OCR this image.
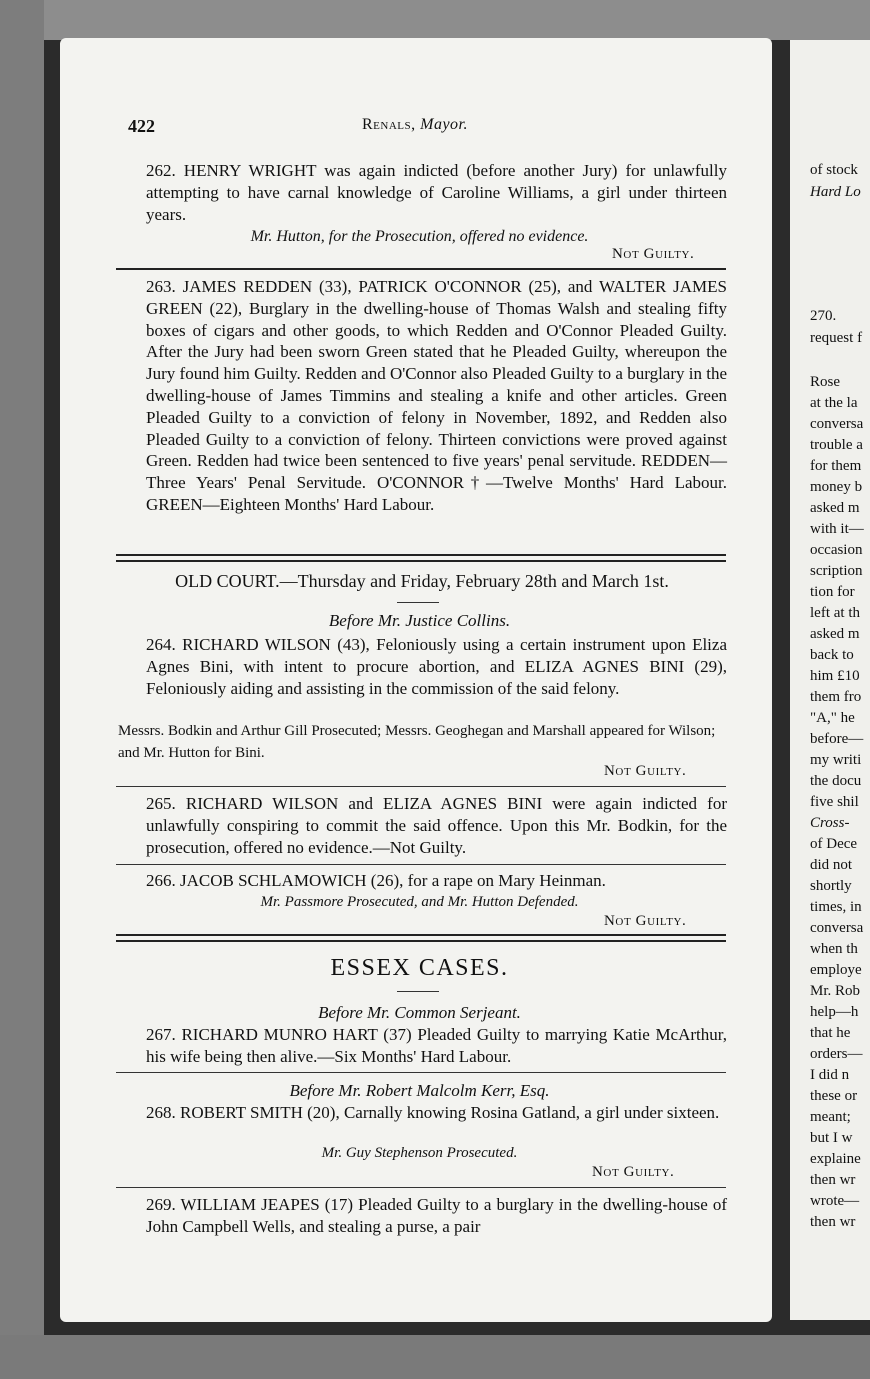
422	Renals, Mayor.
262. HENRY WRIGHT was again indicted (before another Jury) for unlawfully attempting to have carnal knowledge of Caroline Williams, a girl under thirteen years.
Mr. Hutton, for the Prosecution, offered no evidence.
Not Guilty.
263. JAMES REDDEN (33), PATRICK O'CONNOR (25), and WALTER JAMES GREEN (22), Burglary in the dwelling-house of Thomas Walsh and stealing fifty boxes of cigars and other goods, to which Redden and O'Connor Pleaded Guilty. After the Jury had been sworn Green stated that he Pleaded Guilty, whereupon the Jury found him Guilty. Redden and O'Connor also Pleaded Guilty to a burglary in the dwelling-house of James Timmins and stealing a knife and other articles. Green Pleaded Guilty to a conviction of felony in November, 1892, and Redden also Pleaded Guilty to a conviction of felony. Thirteen convictions were proved against Green. Redden had twice been sentenced to five years' penal servitude. REDDEN—Three Years' Penal Servitude. O'CONNOR†—Twelve Months' Hard Labour. GREEN—Eighteen Months' Hard Labour.
OLD COURT.—Thursday and Friday, February 28th and March 1st.
Before Mr. Justice Collins.
264. RICHARD WILSON (43), Feloniously using a certain instrument upon Eliza Agnes Bini, with intent to procure abortion, and ELIZA AGNES BINI (29), Feloniously aiding and assisting in the commission of the said felony.
Messrs. Bodkin and Arthur Gill Prosecuted; Messrs. Geoghegan and Marshall appeared for Wilson; and Mr. Hutton for Bini.
Not Guilty.
265. RICHARD WILSON and ELIZA AGNES BINI were again indicted for unlawfully conspiring to commit the said offence. Upon this Mr. Bodkin, for the prosecution, offered no evidence.—Not Guilty.
266. JACOB SCHLAMOWICH (26), for a rape on Mary Heinman.
Mr. Passmore Prosecuted, and Mr. Hutton Defended.
Not Guilty.
ESSEX CASES.
Before Mr. Common Serjeant.
267. RICHARD MUNRO HART (37) Pleaded Guilty to marrying Katie McArthur, his wife being then alive.—Six Months' Hard Labour.
Before Mr. Robert Malcolm Kerr, Esq.
268. ROBERT SMITH (20), Carnally knowing Rosina Gatland, a girl under sixteen.
Mr. Guy Stephenson Prosecuted.
Not Guilty.
269. WILLIAM JEAPES (17) Pleaded Guilty to a burglary in the dwelling-house of John Campbell Wells, and stealing a purse, a pair
of stock
Hard Lo
270.
request f
Rose
at the la
conversa
trouble a
for them
money b
asked m
with it—
occasion
scription
tion for
left at th
asked m
back to
him £10
them fro
"A," he
before—
my writi
the docu
five shil
Cross-
of Dece
did not
shortly
times, in
conversa
when th
employe
Mr. Rob
help—h
that he
orders—
I did n
these or
meant;
but I w
explaine
then wr
wrote—
then wr
